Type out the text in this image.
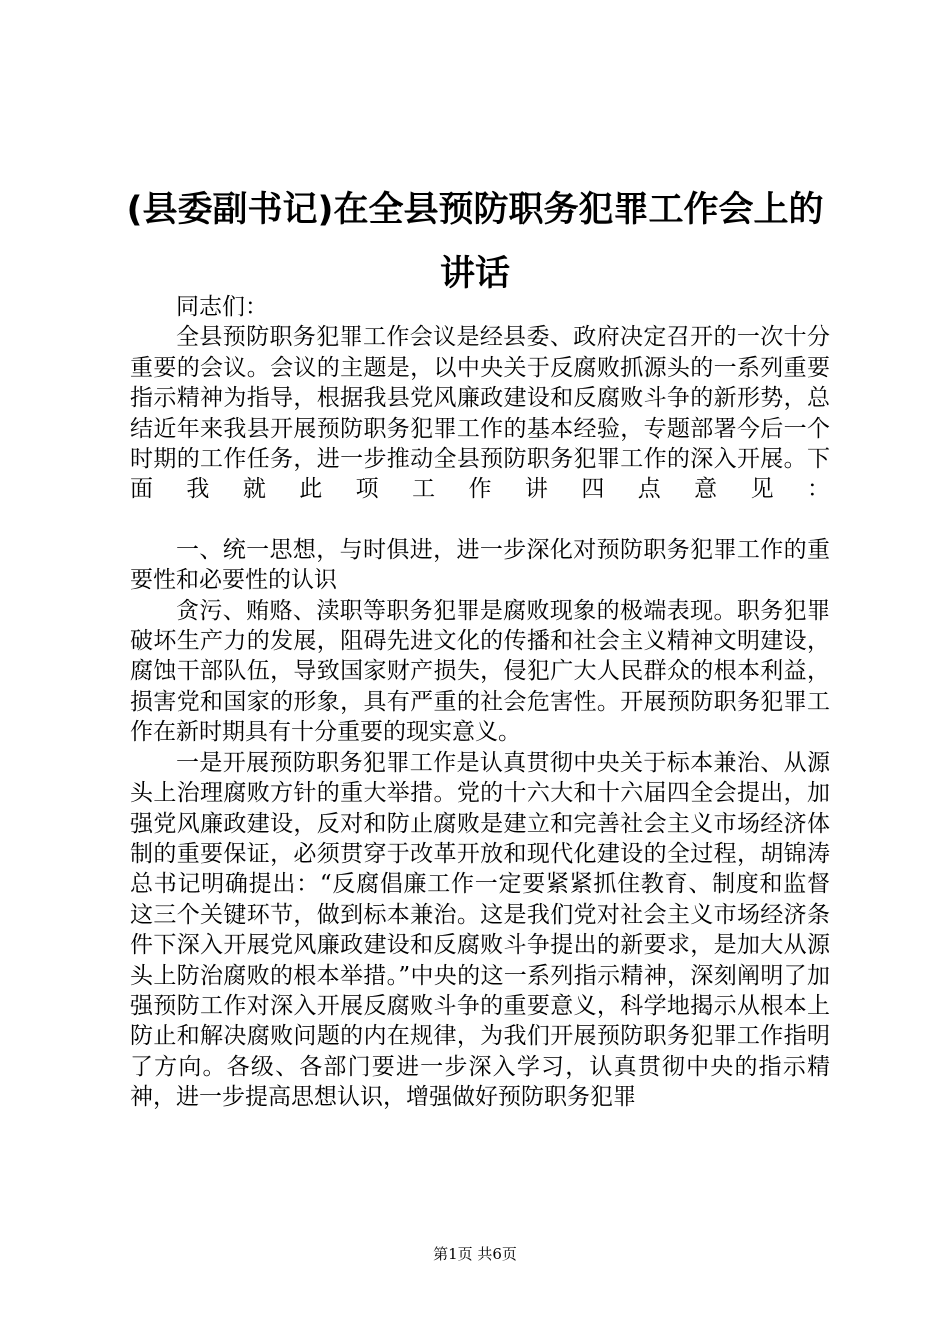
(县委副书记)在全县预防职务犯罪工作会上的
讲话

同志们：

全县预防职务犯罪工作会议是经县委、政府决定召开的一次十分重要的会议。会议的主题是，以中央关于反腐败抓源头的一系列重要指示精神为指导，根据我县党风廉政建设和反腐败斗争的新形势，总结近年来我县开展预防职务犯罪工作的基本经验，专题部署今后一个时期的工作任务，进一步推动全县预防职务犯罪工作的深入开展。下面我就此项工作讲四点意见：

一、统一思想，与时俱进，进一步深化对预防职务犯罪工作的重要性和必要性的认识

贪污、贿赂、渎职等职务犯罪是腐败现象的极端表现。职务犯罪破坏生产力的发展，阻碍先进文化的传播和社会主义精神文明建设，腐蚀干部队伍，导致国家财产损失，侵犯广大人民群众的根本利益，损害党和国家的形象，具有严重的社会危害性。开展预防职务犯罪工作在新时期具有十分重要的现实意义。

一是开展预防职务犯罪工作是认真贯彻中央关于标本兼治、从源头上治理腐败方针的重大举措。党的十六大和十六届四全会提出，加强党风廉政建设，反对和防止腐败是建立和完善社会主义市场经济体制的重要保证，必须贯穿于改革开放和现代化建设的全过程，胡锦涛总书记明确提出：“反腐倡廉工作一定要紧紧抓住教育、制度和监督这三个关键环节，做到标本兼治。这是我们党对社会主义市场经济条件下深入开展党风廉政建设和反腐败斗争提出的新要求，是加大从源头上防治腐败的根本举措。”中央的这一系列指示精神，深刻阐明了加强预防工作对深入开展反腐败斗争的重要意义，科学地揭示从根本上防止和解决腐败问题的内在规律，为我们开展预防职务犯罪工作指明了方向。各级、各部门要进一步深入学习，认真贯彻中央的指示精神，进一步提高思想认识，增强做好预防职务犯罪

第1页 共6页
